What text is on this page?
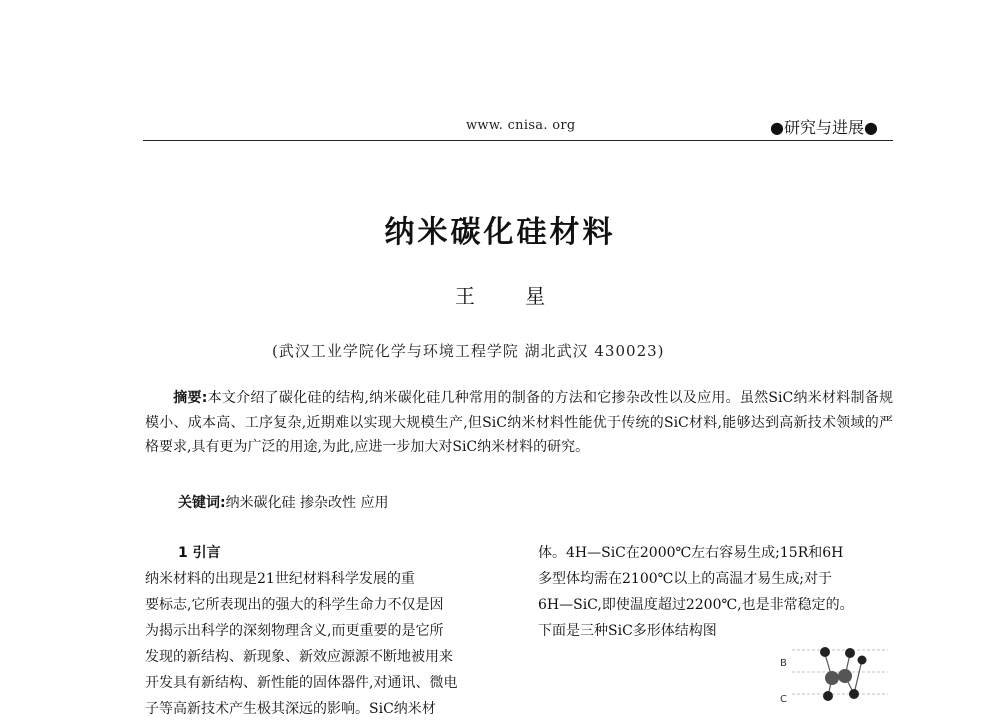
www. cnisa. org	●研究与进展●
纳米碳化硅材料
王 星
(武汉工业学院化学与环境工程学院 湖北武汉 430023)
摘要:本文介绍了碳化硅的结构,纳米碳化硅几种常用的制备的方法和它掺杂改性以及应用。虽然SiC纳米材料制备规模小、成本高、工序复杂,近期难以实现大规模生产,但SiC纳米材料性能优于传统的SiC材料,能够达到高新技术领域的严格要求,具有更为广泛的用途,为此,应进一步加大对SiC纳米材料的研究。
关键词:纳米碳化硅 掺杂改性 应用
1 引言
纳米材料的出现是21世纪材料科学发展的重
要标志,它所表现出的强大的科学生命力不仅是因
为揭示出科学的深刻物理含义,而更重要的是它所
发现的新结构、新现象、新效应源源不断地被用来
开发具有新结构、新性能的固体器件,对通讯、微电
子等高新技术产生极其深远的影响。SiC纳米材
体。4H—SiC在2000℃左右容易生成;15R和6H
多型体均需在2100℃以上的高温才易生成;对于
6H—SiC,即使温度超过2200℃,也是非常稳定的。
下面是三种SiC多形体结构图
B
C
